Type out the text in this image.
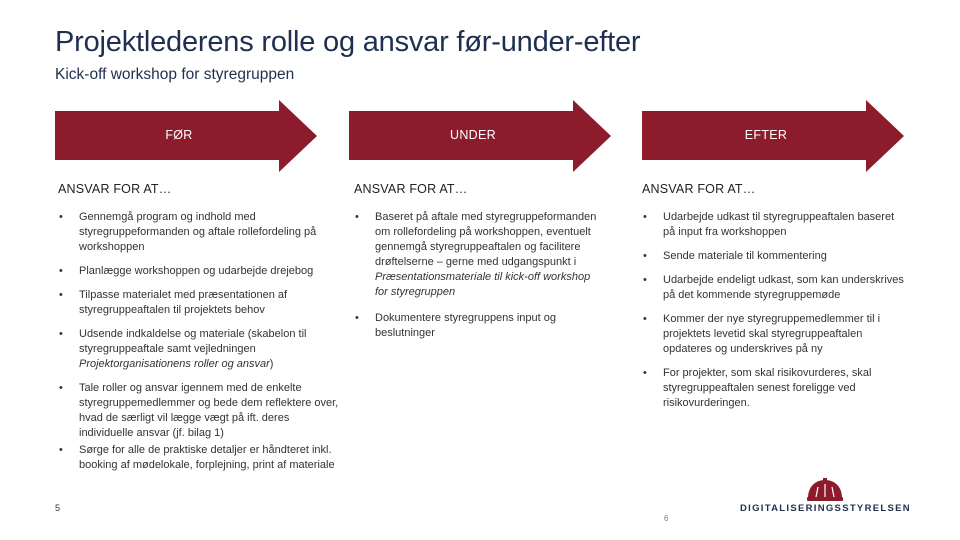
Projektlederens rolle og ansvar før-under-efter
Kick-off workshop for styregruppen
FØR	UNDER	EFTER
ANSVAR FOR AT…
• Gennemgå program og indhold med styregruppeformanden og aftale rollefordeling på workshoppen
• Planlægge workshoppen og udarbejde drejebog
• Tilpasse materialet med præsentationen af styregruppeaftalen til projektets behov
• Udsende indkaldelse og materiale (skabelon til styregruppeaftale samt vejledningen Projektorganisationens roller og ansvar)
• Tale roller og ansvar igennem med de enkelte styregruppemedlemmer og bede dem reflektere over, hvad de særligt vil lægge vægt på ift. deres individuelle ansvar (jf. bilag 1)
• Sørge for alle de praktiske detaljer er håndteret inkl. booking af mødelokale, forplejning, print af materiale
ANSVAR FOR AT…
• Baseret på aftale med styregruppeformanden om rollefordeling på workshoppen, eventuelt gennemgå styregruppeaftalen og facilitere drøftelserne – gerne med udgangspunkt i Præsentationsmateriale til kick-off workshop for styregruppen
• Dokumentere styregruppens input og beslutninger
ANSVAR FOR AT…
• Udarbejde udkast til styregruppeaftalen baseret på input fra workshoppen
• Sende materiale til kommentering
• Udarbejde endeligt udkast, som kan underskrives på det kommende styregruppemøde
• Kommer der nye styregruppemedlemmer til i projektets levetid skal styregruppeaftalen opdateres og underskrives på ny
• For projekter, som skal risikovurderes, skal styregruppeaftalen senest foreligge ved risikovurderingen.
5
6
DIGITALISERINGSSTYRELSEN
